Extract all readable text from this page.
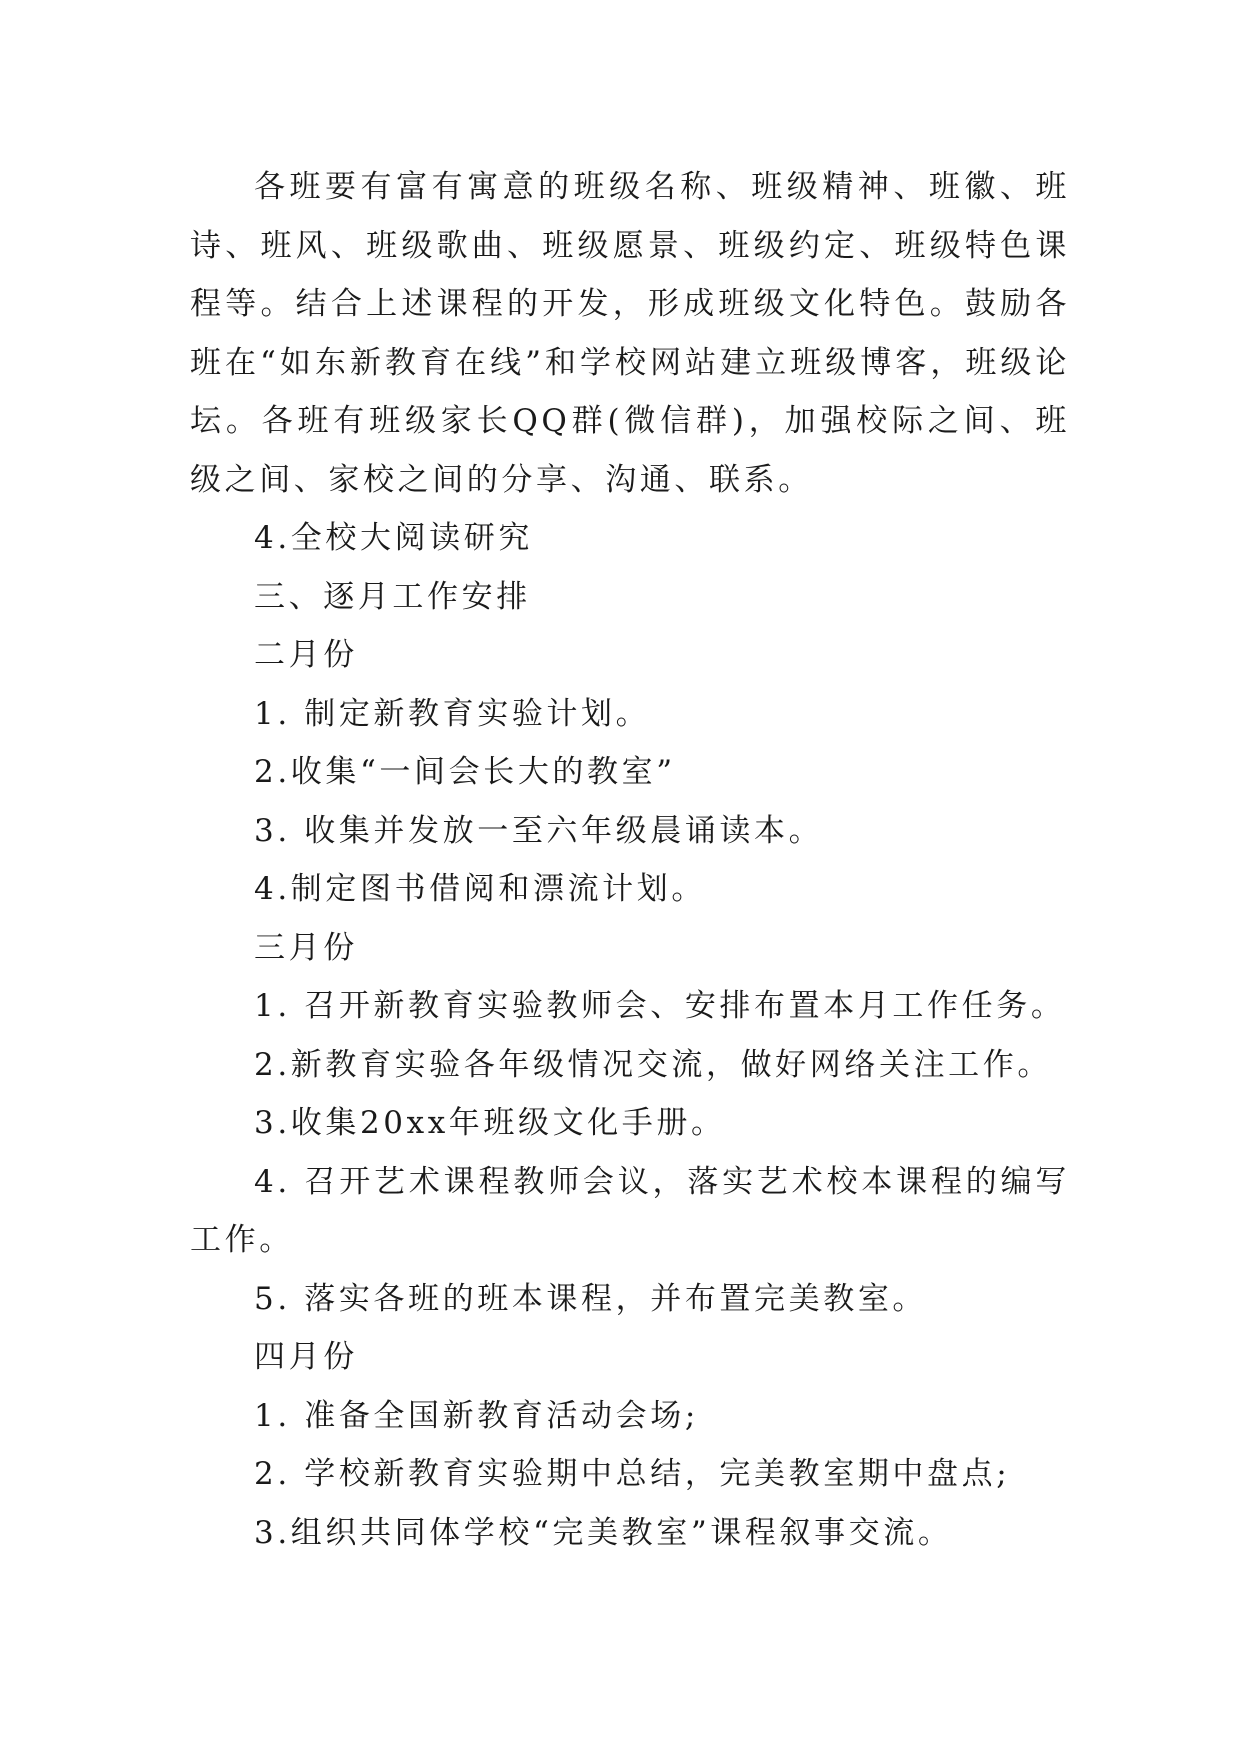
各班要有富有寓意的班级名称、班级精神、班徽、班诗、班风、班级歌曲、班级愿景、班级约定、班级特色课程等。结合上述课程的开发，形成班级文化特色。鼓励各班在“如东新教育在线”和学校网站建立班级博客，班级论坛。各班有班级家长QQ群(微信群)，加强校际之间、班级之间、家校之间的分享、沟通、联系。

4.全校大阅读研究

三、逐月工作安排

二月份

1. 制定新教育实验计划。

2.收集“一间会长大的教室”

3. 收集并发放一至六年级晨诵读本。

4.制定图书借阅和漂流计划。

三月份

1. 召开新教育实验教师会、安排布置本月工作任务。

2.新教育实验各年级情况交流，做好网络关注工作。

3.收集20xx年班级文化手册。

4. 召开艺术课程教师会议，落实艺术校本课程的编写工作。

5. 落实各班的班本课程，并布置完美教室。

四月份

1. 准备全国新教育活动会场;

2. 学校新教育实验期中总结，完美教室期中盘点;

3.组织共同体学校“完美教室”课程叙事交流。
